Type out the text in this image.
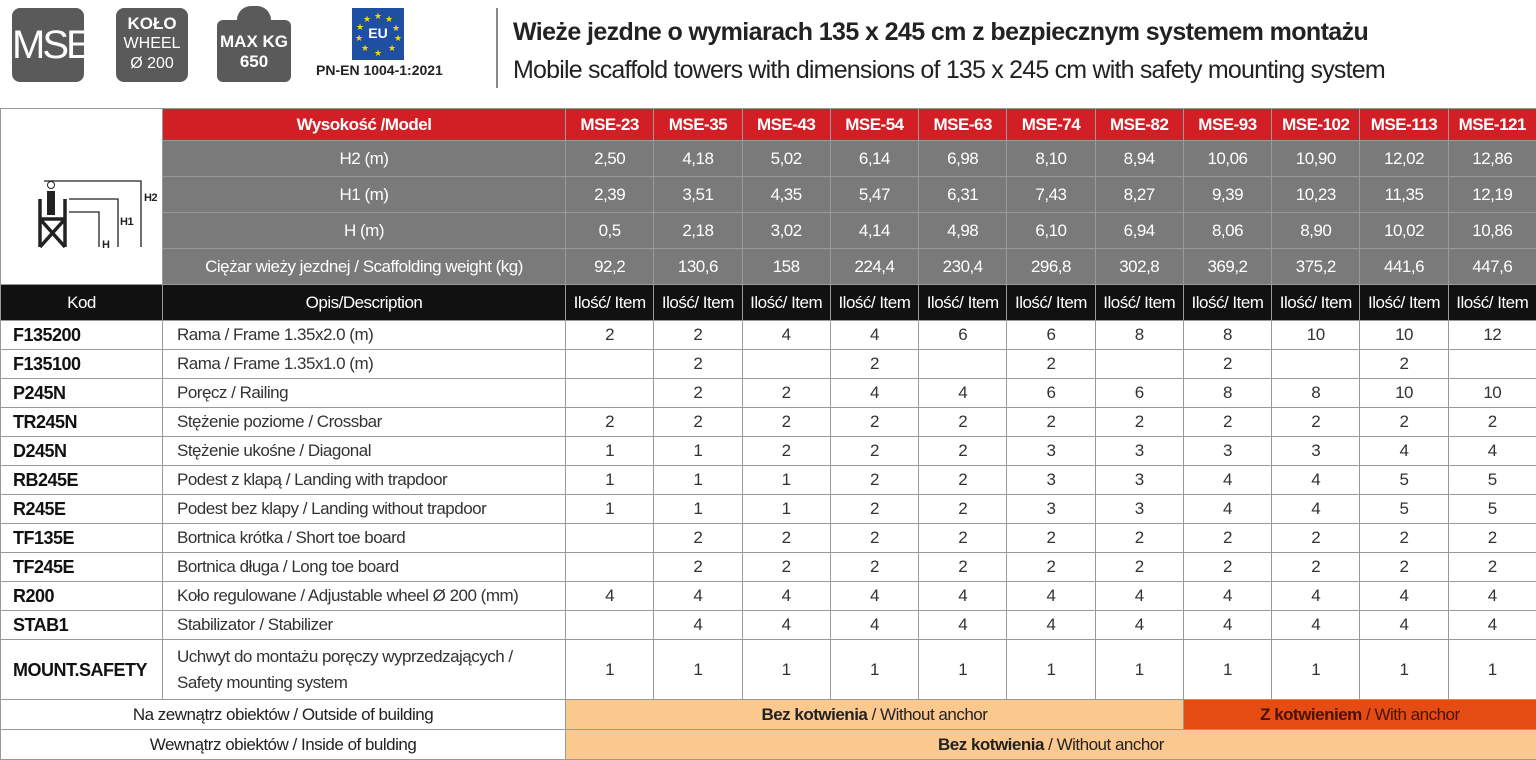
MSE	KOŁO
WHEEL
Ø 200
MAX KG
650
★ ★
★
★
★
★
★
★
★
★
EU
PN-EN 1004-1:2021
Wieże jezdne o wymiarach 135 x 245 cm z bezpiecznym systemem montażu
Mobile scaffold towers with dimensions of 135 x 245 cm with safety mounting system
H2
H1
H	Wysokość /Model	MSE-23	MSE-35	MSE-43	MSE-54	MSE-63	MSE-74	MSE-82	MSE-93	MSE-102	MSE-113	MSE-121
	H2 (m)	2,50	4,18	5,02	6,14	6,98	8,10	8,94	10,06	10,90	12,02	12,86
	H1 (m)	2,39	3,51	4,35	5,47	6,31	7,43	8,27	9,39	10,23	11,35	12,19
	H (m)	0,5	2,18	3,02	4,14	4,98	6,10	6,94	8,06	8,90	10,02	10,86
	Ciężar wieży jezdnej / Scaffolding weight (kg)	92,2	130,6	158	224,4	230,4	296,8	302,8	369,2	375,2	441,6	447,6
Kod	Opis/Description	Ilość/ Item	Ilość/ Item	Ilość/ Item	Ilość/ Item	Ilość/ Item	Ilość/ Item	Ilość/ Item	Ilość/ Item	Ilość/ Item	Ilość/ Item	Ilość/ Item
F135200	Rama / Frame 1.35x2.0 (m)	2	2	4	4	6	6	8	8	10	10	12
F135100	Rama / Frame 1.35x1.0 (m)		2		2		2		2		2	
P245N	Poręcz / Railing		2	2	4	4	6	6	8	8	10	10
TR245N	Stężenie poziome / Crossbar	2	2	2	2	2	2	2	2	2	2	2
D245N	Stężenie ukośne / Diagonal	1	1	2	2	2	3	3	3	3	4	4
RB245E	Podest z klapą / Landing with trapdoor	1	1	1	2	2	3	3	4	4	5	5
R245E	Podest bez klapy / Landing without trapdoor	1	1	1	2	2	3	3	4	4	5	5
TF135E	Bortnica krótka / Short toe board		2	2	2	2	2	2	2	2	2	2
TF245E	Bortnica długa / Long toe board		2	2	2	2	2	2	2	2	2	2
R200	Koło regulowane / Adjustable wheel Ø 200 (mm)	4	4	4	4	4	4	4	4	4	4	4
STAB1	Stabilizator / Stabilizer		4	4	4	4	4	4	4	4	4	4
MOUNT.SAFETY	Uchwyt do montażu poręczy wyprzedzających / Safety mounting system	1	1	1	1	1	1	1	1	1	1	1
Na zewnątrz obiektów / Outside of building		Bez kotwienia / Without anchor							Z kotwieniem / With anchor			
Wewnątrz obiektów / Inside of bulding		Bez kotwienia / Without anchor										
